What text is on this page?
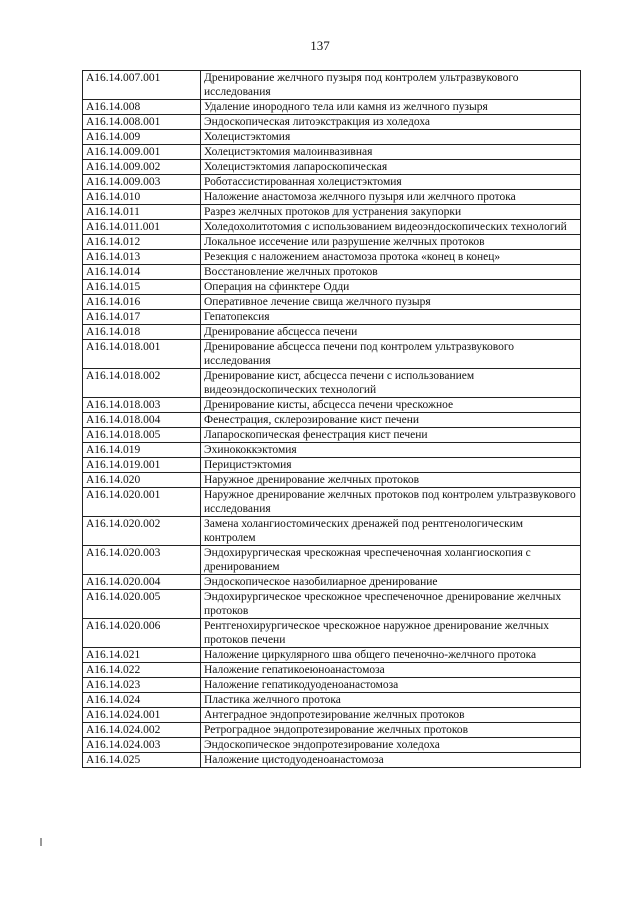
137
A16.14.007.001	Дренирование желчного пузыря под контролем ультразвукового исследования
A16.14.008	Удаление инородного тела или камня из желчного пузыря
A16.14.008.001	Эндоскопическая литоэкстракция из холедоха
A16.14.009	Холецистэктомия
A16.14.009.001	Холецистэктомия малоинвазивная
A16.14.009.002	Холецистэктомия лапароскопическая
A16.14.009.003	Роботассистированная холецистэктомия
A16.14.010	Наложение анастомоза желчного пузыря или желчного протока
A16.14.011	Разрез желчных протоков для устранения закупорки
A16.14.011.001	Холедохолитотомия с использованием видеоэндоскопических технологий
A16.14.012	Локальное иссечение или разрушение желчных протоков
A16.14.013	Резекция с наложением анастомоза протока «конец в конец»
A16.14.014	Восстановление желчных протоков
A16.14.015	Операция на сфинктере Одди
A16.14.016	Оперативное лечение свища желчного пузыря
A16.14.017	Гепатопексия
A16.14.018	Дренирование абсцесса печени
A16.14.018.001	Дренирование абсцесса печени под контролем ультразвукового исследования
A16.14.018.002	Дренирование кист, абсцесса печени с использованием видеоэндоскопических технологий
A16.14.018.003	Дренирование кисты, абсцесса печени чрескожное
A16.14.018.004	Фенестрация, склерозирование кист печени
A16.14.018.005	Лапароскопическая фенестрация кист печени
A16.14.019	Эхинококкэктомия
A16.14.019.001	Перицистэктомия
A16.14.020	Наружное дренирование желчных протоков
A16.14.020.001	Наружное дренирование желчных протоков под контролем ультразвукового исследования
A16.14.020.002	Замена холангиостомических дренажей под рентгенологическим контролем
A16.14.020.003	Эндохирургическая чрескожная чреспеченочная холангиоскопия с дренированием
A16.14.020.004	Эндоскопическое назобилиарное дренирование
A16.14.020.005	Эндохирургическое чрескожное чреспеченочное дренирование желчных протоков
A16.14.020.006	Рентгенохирургическое чрескожное наружное дренирование желчных протоков печени
A16.14.021	Наложение циркулярного шва общего печеночно-желчного протока
A16.14.022	Наложение гепатикоеюноанастомоза
A16.14.023	Наложение гепатикодуоденоанастомоза
A16.14.024	Пластика желчного протока
A16.14.024.001	Антеградное эндопротезирование желчных протоков
A16.14.024.002	Ретроградное эндопротезирование желчных протоков
A16.14.024.003	Эндоскопическое эндопротезирование холедоха
A16.14.025	Наложение цистодуоденоанастомоза
